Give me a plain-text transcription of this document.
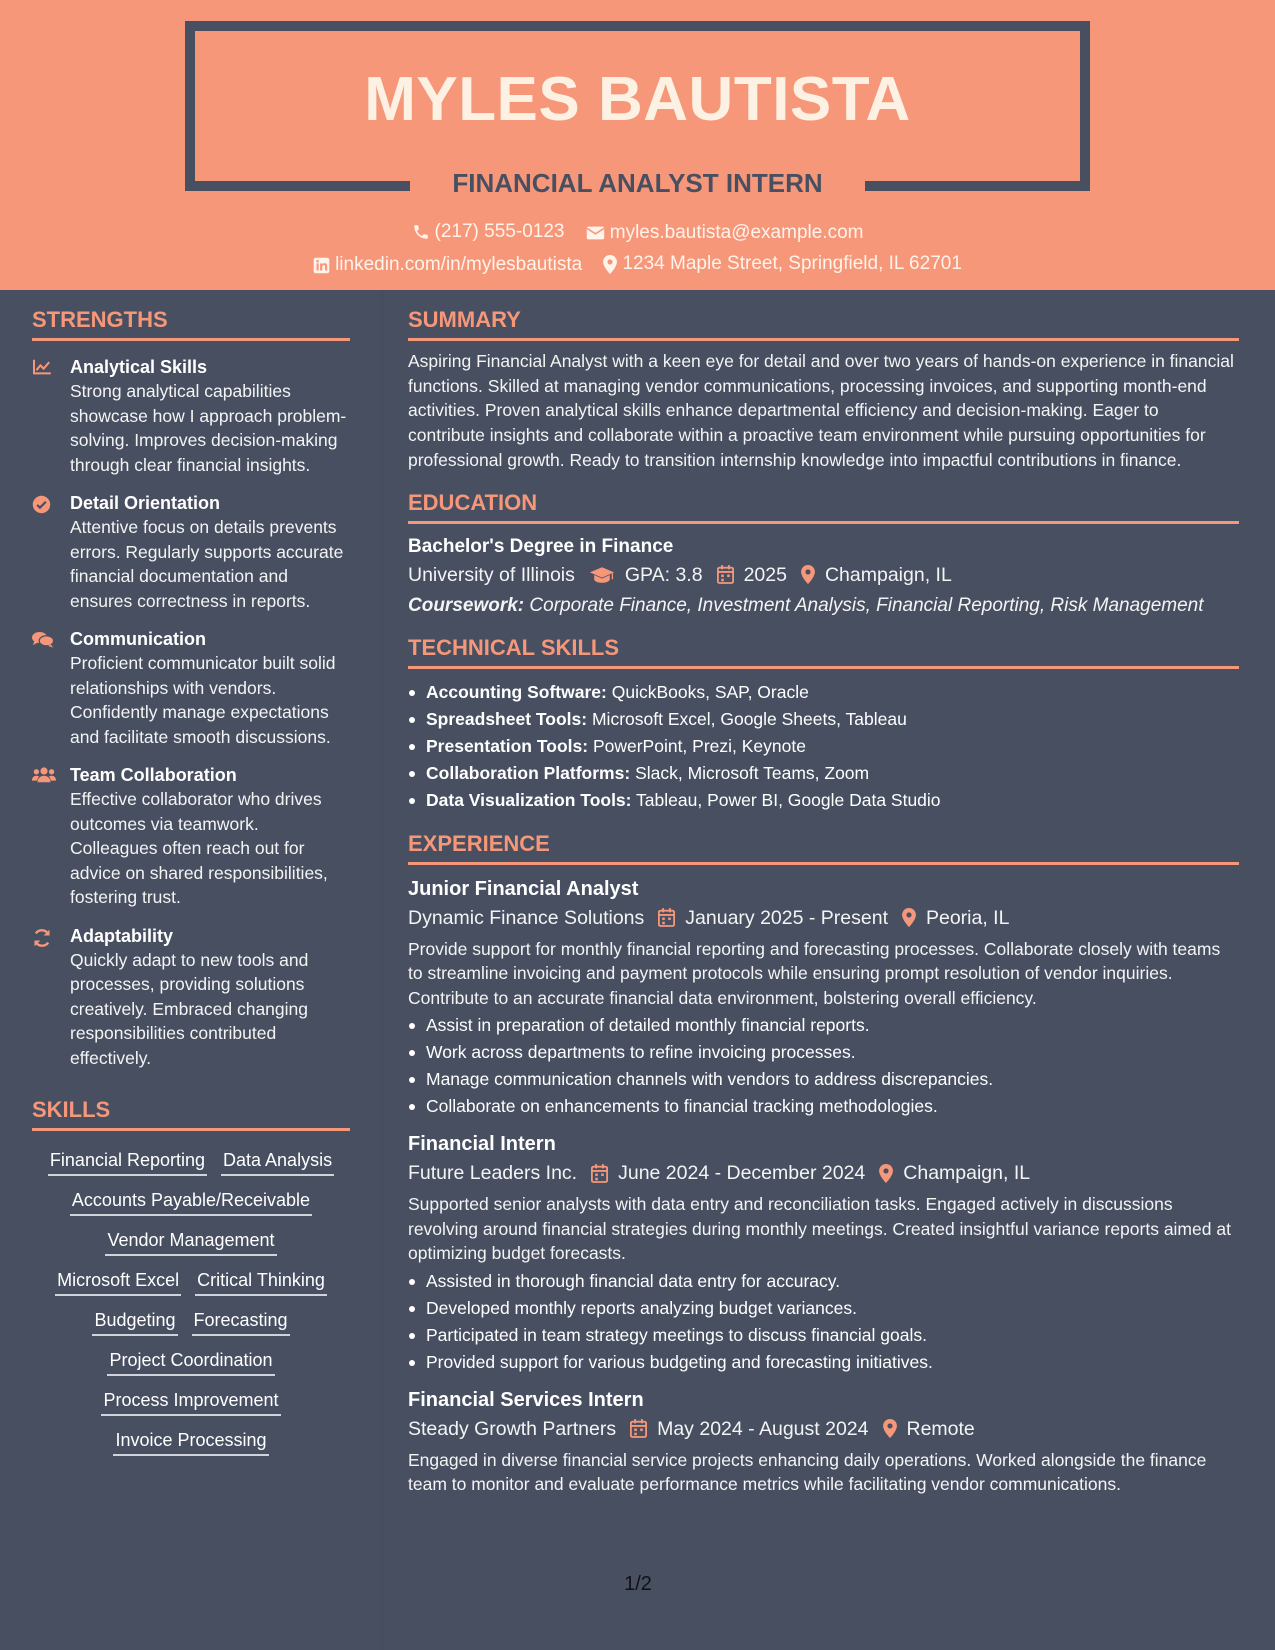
MYLES BAUTISTA
FINANCIAL ANALYST INTERN
(217) 555-0123
myles.bautista@example.com
linkedin.com/in/mylesbautista
1234 Maple Street, Springfield, IL 62701
STRENGTHS
Analytical Skills
Strong analytical capabilities showcase how I approach problem-solving. Improves decision-making through clear financial insights.
Detail Orientation
Attentive focus on details prevents errors. Regularly supports accurate financial documentation and ensures correctness in reports.
Communication
Proficient communicator built solid relationships with vendors. Confidently manage expectations and facilitate smooth discussions.
Team Collaboration
Effective collaborator who drives outcomes via teamwork. Colleagues often reach out for advice on shared responsibilities, fostering trust.
Adaptability
Quickly adapt to new tools and processes, providing solutions creatively. Embraced changing responsibilities contributed effectively.
SKILLS
Financial Reporting Data Analysis
Accounts Payable/Receivable
Vendor Management
Microsoft Excel Critical Thinking
Budgeting Forecasting
Project Coordination
Process Improvement
Invoice Processing
SUMMARY
Aspiring Financial Analyst with a keen eye for detail and over two years of hands-on experience in financial functions. Skilled at managing vendor communications, processing invoices, and supporting month-end activities. Proven analytical skills enhance departmental efficiency and decision-making. Eager to contribute insights and collaborate within a proactive team environment while pursuing opportunities for professional growth. Ready to transition internship knowledge into impactful contributions in finance.
EDUCATION
Bachelor's Degree in Finance
University of Illinois	GPA: 3.8 2025 Champaign, IL
Coursework: Corporate Finance, Investment Analysis, Financial Reporting, Risk Management
TECHNICAL SKILLS
Accounting Software: QuickBooks, SAP, Oracle
Spreadsheet Tools: Microsoft Excel, Google Sheets, Tableau
Presentation Tools: PowerPoint, Prezi, Keynote
Collaboration Platforms: Slack, Microsoft Teams, Zoom
Data Visualization Tools: Tableau, Power BI, Google Data Studio
EXPERIENCE
Junior Financial Analyst
Dynamic Finance Solutions January 2025 - Present Peoria, IL
Provide support for monthly financial reporting and forecasting processes. Collaborate closely with teams to streamline invoicing and payment protocols while ensuring prompt resolution of vendor inquiries. Contribute to an accurate financial data environment, bolstering overall efficiency.
Assist in preparation of detailed monthly financial reports.
Work across departments to refine invoicing processes.
Manage communication channels with vendors to address discrepancies.
Collaborate on enhancements to financial tracking methodologies.
Financial Intern
Future Leaders Inc. June 2024 - December 2024 Champaign, IL
Supported senior analysts with data entry and reconciliation tasks. Engaged actively in discussions revolving around financial strategies during monthly meetings. Created insightful variance reports aimed at optimizing budget forecasts.
Assisted in thorough financial data entry for accuracy.
Developed monthly reports analyzing budget variances.
Participated in team strategy meetings to discuss financial goals.
Provided support for various budgeting and forecasting initiatives.
Financial Services Intern
Steady Growth Partners May 2024 - August 2024 Remote
Engaged in diverse financial service projects enhancing daily operations. Worked alongside the finance team to monitor and evaluate performance metrics while facilitating vendor communications.
1/2
